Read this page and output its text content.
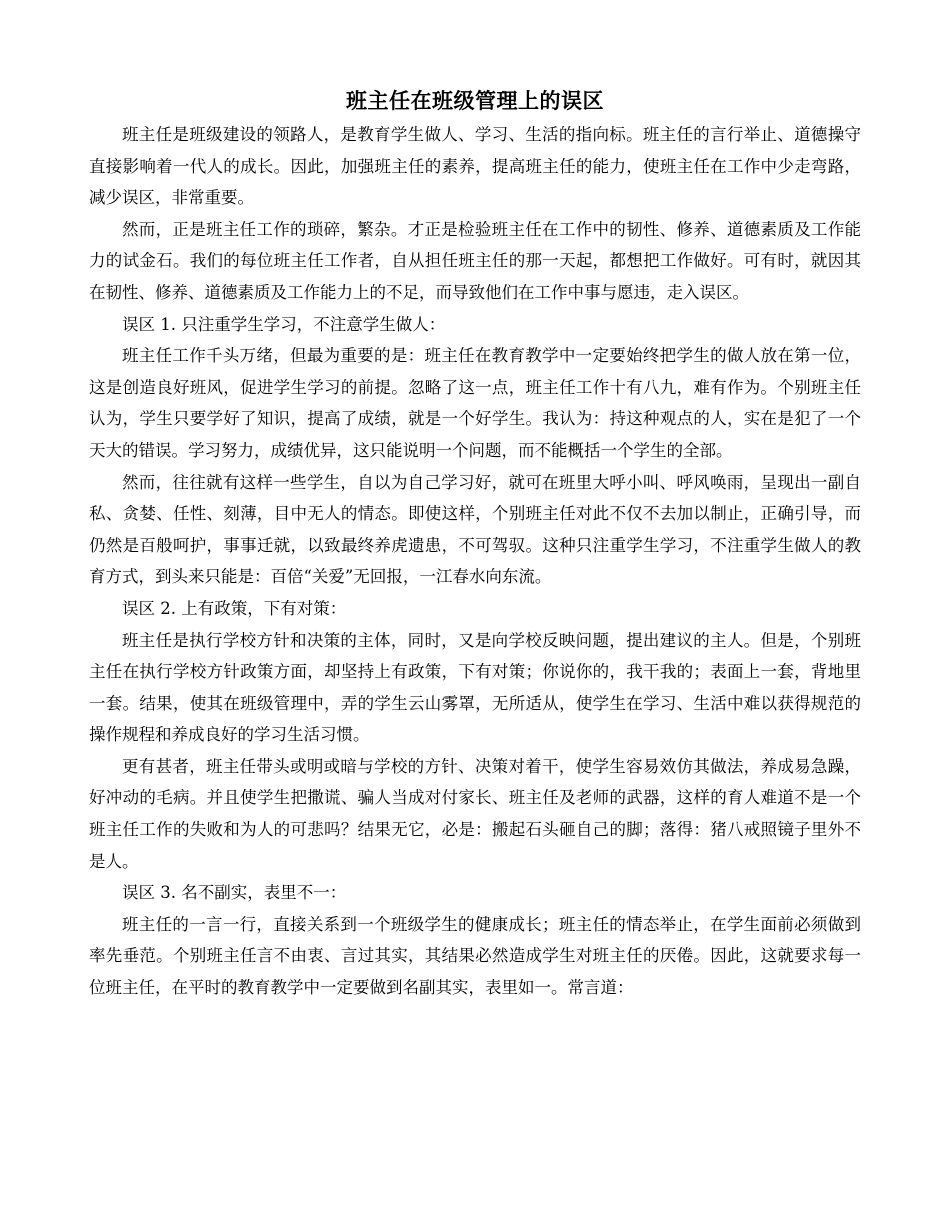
班主任在班级管理上的误区

班主任是班级建设的领路人，是教育学生做人、学习、生活的指向标。班主任的言行举止、道德操守直接影响着一代人的成长。因此，加强班主任的素养，提高班主任的能力，使班主任在工作中少走弯路，减少误区，非常重要。

然而，正是班主任工作的琐碎，繁杂。才正是检验班主任在工作中的韧性、修养、道德素质及工作能力的试金石。我们的每位班主任工作者，自从担任班主任的那一天起，都想把工作做好。可有时，就因其在韧性、修养、道德素质及工作能力上的不足，而导致他们在工作中事与愿违，走入误区。

误区 1. 只注重学生学习，不注意学生做人：

班主任工作千头万绪，但最为重要的是：班主任在教育教学中一定要始终把学生的做人放在第一位，这是创造良好班风，促进学生学习的前提。忽略了这一点，班主任工作十有八九，难有作为。个别班主任认为，学生只要学好了知识，提高了成绩，就是一个好学生。我认为：持这种观点的人，实在是犯了一个天大的错误。学习努力，成绩优异，这只能说明一个问题，而不能概括一个学生的全部。

然而，往往就有这样一些学生，自以为自己学习好，就可在班里大呼小叫、呼风唤雨，呈现出一副自私、贪婪、任性、刻薄，目中无人的情态。即使这样，个别班主任对此不仅不去加以制止，正确引导，而仍然是百般呵护，事事迁就，以致最终养虎遗患，不可驾驭。这种只注重学生学习，不注重学生做人的教育方式，到头来只能是：百倍“关爱”无回报，一江春水向东流。

误区 2. 上有政策，下有对策：

班主任是执行学校方针和决策的主体，同时，又是向学校反映问题，提出建议的主人。但是，个别班主任在执行学校方针政策方面，却坚持上有政策，下有对策；你说你的，我干我的；表面上一套，背地里一套。结果，使其在班级管理中，弄的学生云山雾罩，无所适从，使学生在学习、生活中难以获得规范的操作规程和养成良好的学习生活习惯。

更有甚者，班主任带头或明或暗与学校的方针、决策对着干，使学生容易效仿其做法，养成易急躁，好冲动的毛病。并且使学生把撒谎、骗人当成对付家长、班主任及老师的武器，这样的育人难道不是一个班主任工作的失败和为人的可悲吗？结果无它，必是：搬起石头砸自己的脚；落得：猪八戒照镜子里外不是人。

误区 3. 名不副实，表里不一：

班主任的一言一行，直接关系到一个班级学生的健康成长；班主任的情态举止，在学生面前必须做到率先垂范。个别班主任言不由衷、言过其实，其结果必然造成学生对班主任的厌倦。因此，这就要求每一位班主任，在平时的教育教学中一定要做到名副其实，表里如一。常言道：
